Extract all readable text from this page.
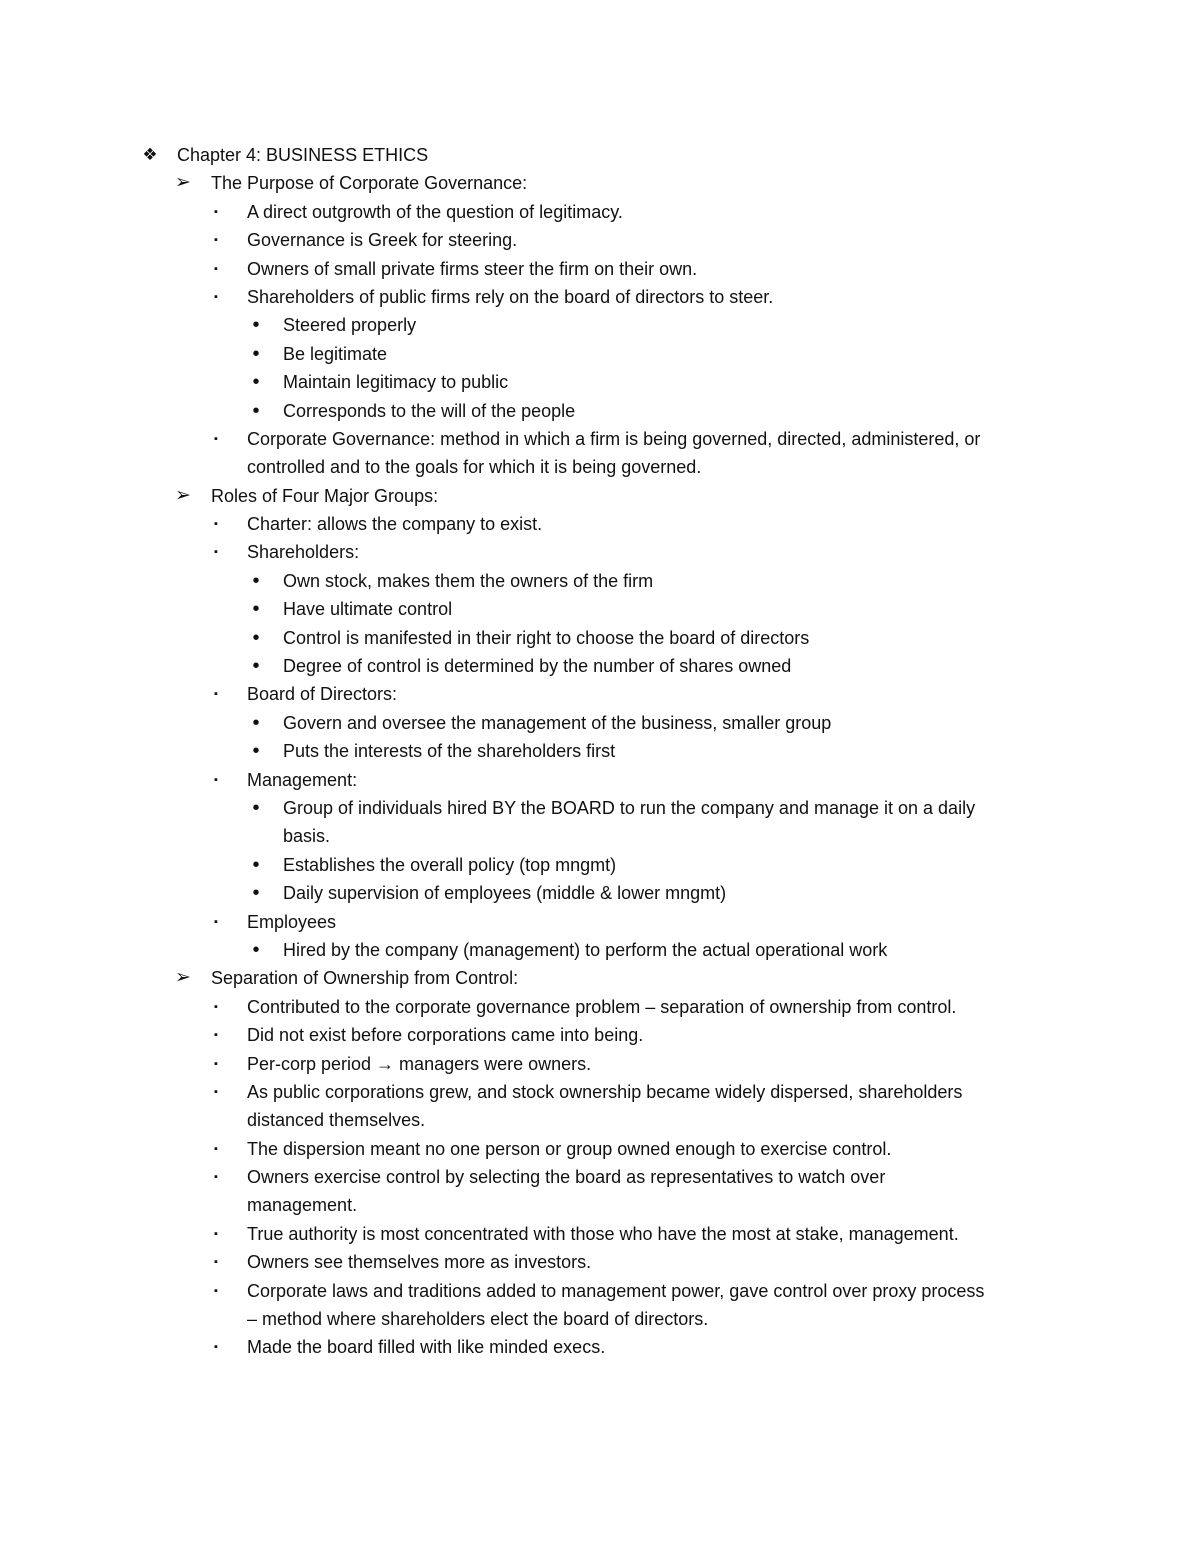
❖ Chapter 4: BUSINESS ETHICS
➢ The Purpose of Corporate Governance:
▪	A direct outgrowth of the question of legitimacy.
▪	Governance is Greek for steering.
▪	Owners of small private firms steer the firm on their own.
▪	Shareholders of public firms rely on the board of directors to steer.
•	Steered properly
•	Be legitimate
•	Maintain legitimacy to public
•	Corresponds to the will of the people
▪	Corporate Governance: method in which a firm is being governed, directed, administered, or
controlled and to the goals for which it is being governed.
➢ Roles of Four Major Groups:
▪	Charter: allows the company to exist.
▪	Shareholders:
•	Own stock, makes them the owners of the firm
•	Have ultimate control
•	Control is manifested in their right to choose the board of directors
•	Degree of control is determined by the number of shares owned
▪	Board of Directors:
•	Govern and oversee the management of the business, smaller group
•	Puts the interests of the shareholders first
▪	Management:
•	Group of individuals hired BY the BOARD to run the company and manage it on a daily
basis.
•	Establishes the overall policy (top mngmt)
•	Daily supervision of employees (middle & lower mngmt)
▪	Employees
•	Hired by the company (management) to perform the actual operational work
➢ Separation of Ownership from Control:
▪	Contributed to the corporate governance problem – separation of ownership from control.
▪	Did not exist before corporations came into being.
▪	Per-corp period → managers were owners.
▪	As public corporations grew, and stock ownership became widely dispersed, shareholders
distanced themselves.
▪	The dispersion meant no one person or group owned enough to exercise control.
▪	Owners exercise control by selecting the board as representatives to watch over
management.
▪	True authority is most concentrated with those who have the most at stake, management.
▪	Owners see themselves more as investors.
▪	Corporate laws and traditions added to management power, gave control over proxy process
– method where shareholders elect the board of directors.
▪	Made the board filled with like minded execs.
